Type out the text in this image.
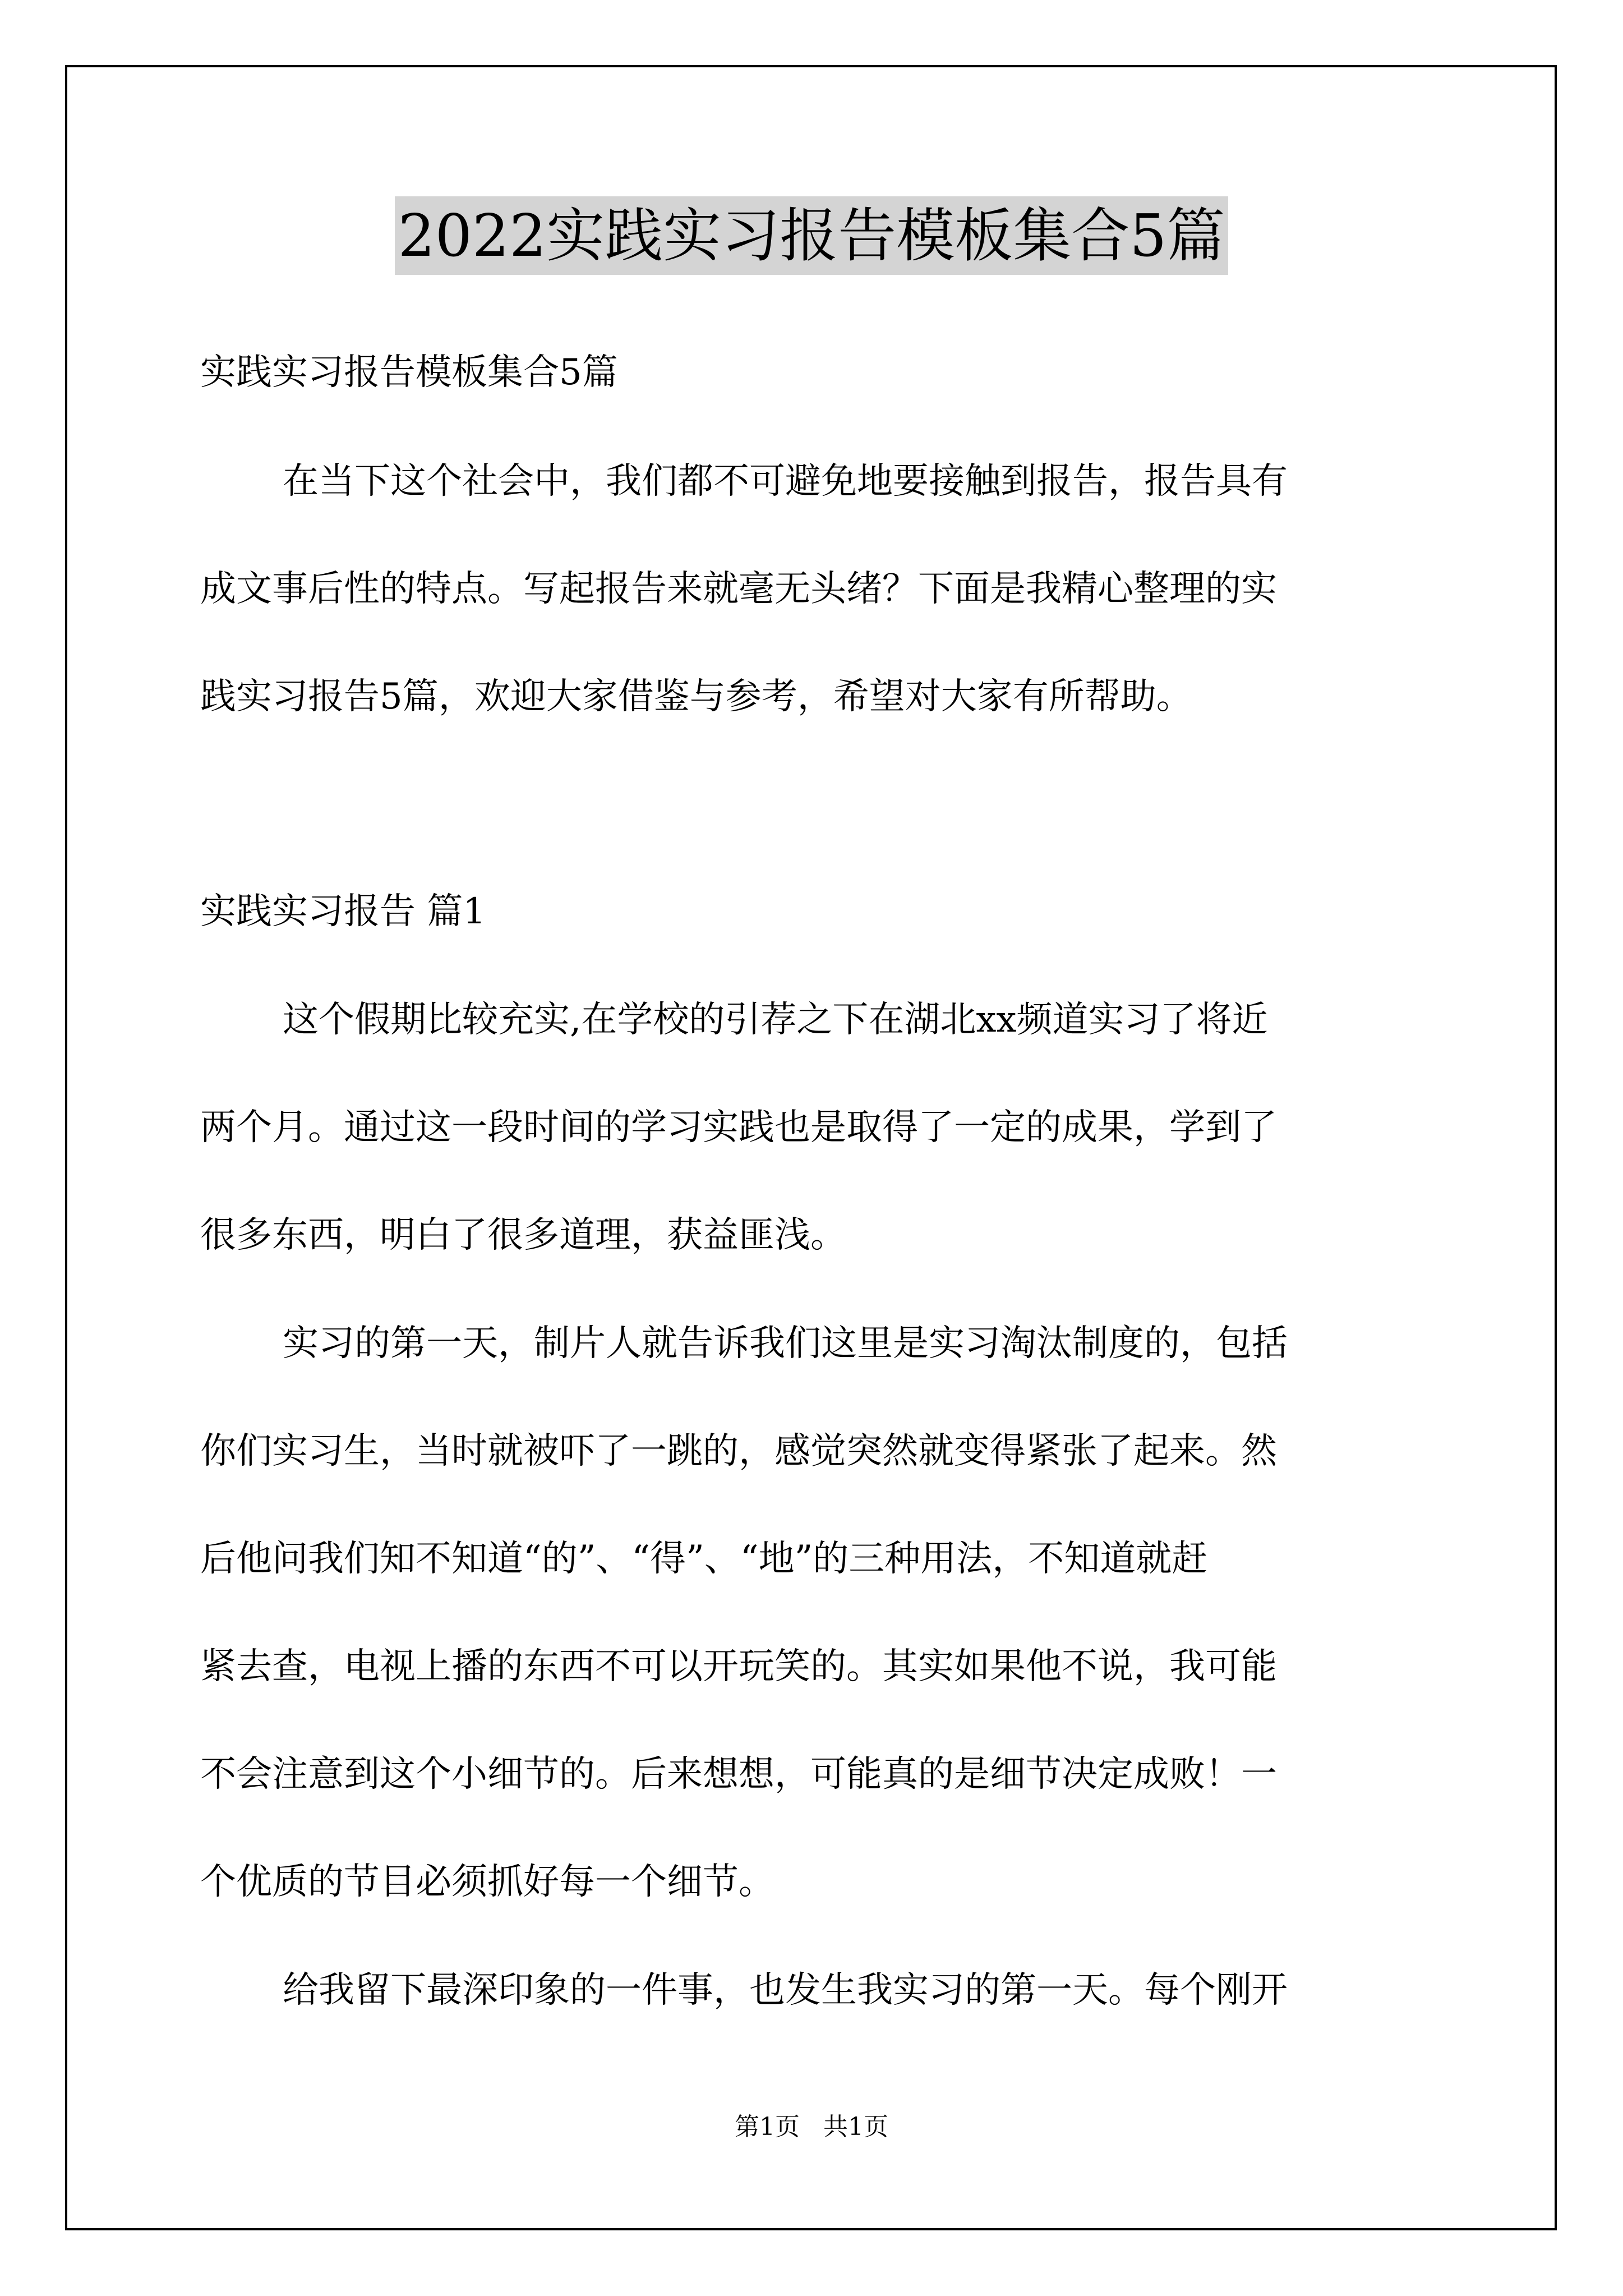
2022实践实习报告模板集合5篇
实践实习报告模板集合5篇
在当下这个社会中，我们都不可避免地要接触到报告，报告具有
成文事后性的特点。写起报告来就毫无头绪？下面是我精心整理的实
践实习报告5篇，欢迎大家借鉴与参考，希望对大家有所帮助。
实践实习报告 篇1
这个假期比较充实,在学校的引荐之下在湖北xx频道实习了将近
两个月。通过这一段时间的学习实践也是取得了一定的成果，学到了
很多东西，明白了很多道理，获益匪浅。
实习的第一天，制片人就告诉我们这里是实习淘汰制度的，包括
你们实习生，当时就被吓了一跳的，感觉突然就变得紧张了起来。然
后他问我们知不知道“的”、“得”、“地”的三种用法，不知道就赶
紧去查，电视上播的东西不可以开玩笑的。其实如果他不说，我可能
不会注意到这个小细节的。后来想想，可能真的是细节决定成败！一
个优质的节目必须抓好每一个细节。
给我留下最深印象的一件事，也发生我实习的第一天。每个刚开
第1页   共1页
